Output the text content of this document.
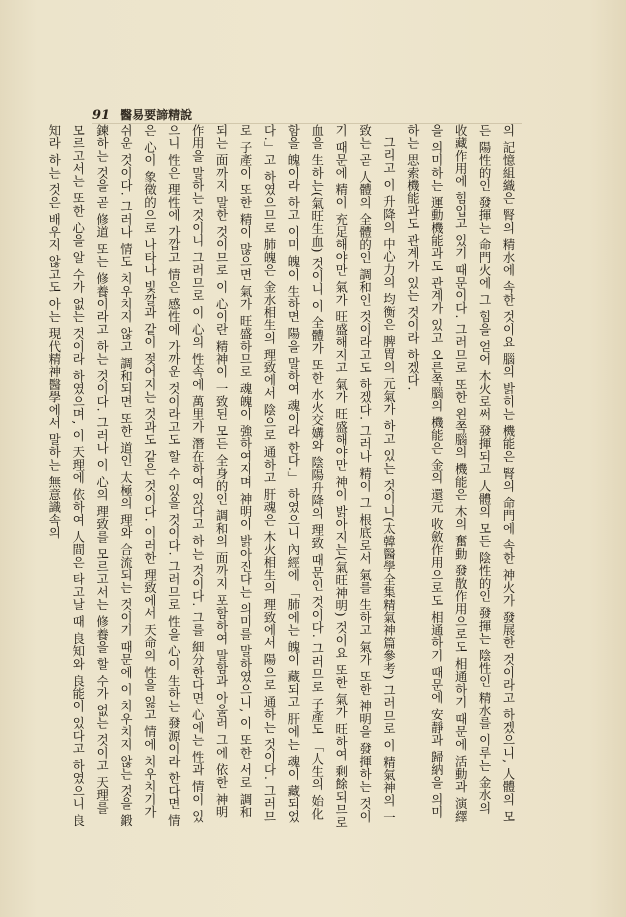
91 醫易要諦精說

의 記憶組織은 腎의 精水에 속한 것이요 腦의 밝히는 機能은 腎의 命門에 속한 神火가 發展한 것이라고 하겠으니, 人體의 모든 陽性的인 發揮는 命門火에 그 힘을 얻어 木火로써 發揮되고 人體의 모든 陰性的인 發揮는 陰性인 精水를 이루는 金水의 收藏作用에 힘입고 있기 때문이다. 그러므로 또한 왼쪽腦의 機能은 木의 奮動 發散作用으로도 相通하기 때문에 活動과 演繹을 의미하는 運動機能과도 관계가 있고 오른쪽腦의 機能은 金의 還元 收斂作用으로도 相通하기 때문에 安靜과 歸納을 의미하는 思索機能과도 관계가 있는 것이라 하겠다.

그리고 이 升降의 中心力의 均衡은 脾胃의 元氣가 하고 있는 것이니(太韓醫學全集精氣神篇參考) 그러므로 이 精氣神의 一致는 곧 人體의 全體的인 調和인 것이라고도 하겠다. 그러나 精이 그 根底로서 氣를 生하고 氣가 또한 神明을 發揮하는 것이기 때문에 精이 充足해야만 氣가 旺盛해지고 氣가 旺盛해야만 神이 밝아지는(氣旺神明) 것이요 또한 氣가 旺하여 剩餘되므로 血을 生하는(氣旺生血) 것이니 이 全體가 또한 水火交媾와 陰陽升降의 理致 때문인 것이다. 그러므로 子產도 「人生의 始化함을 魄이라 하고 이미 魄이 生하면 陽을 말하여 魂이라 한다.」 하였으니 內經에 「肺에는 魄이 藏되고 肝에는 魂이 藏되었다.」고 하였으므로 肺魄은 金水相生의 理致에서 陰으로 通하고 肝魂은 木火相生의 理致에서 陽으로 通하는 것이다. 그러므로 子產이 또한 精이 많으면 氣가 旺盛하므로 魂魄이 強하여지며 神明이 밝아진다는 의미를 말하였으니, 이 또한 서로 調和되는 面까지 말한 것이므로 이 心이란 精神이 一致된 모든 全身的인 調和의 面까지 포함하여 말함과 아울러 그에 依한 神明作用을 말하는 것이니 그러므로 이 心의 性속에 萬里가 潛在하여 있다고 하는 것이다. 그를 細分한다면 心에는 性과 情이 있으니 性은 理性에 가깝고 情은 感性에 가까운 것이라고도 할 수 있을 것이다. 그러므로 性을 心이 生하는 發源이라 한다면 情은 心이 象徵的으로 나타나 빛깔과 같이 젖어지는 것과도 같은 것이다. 이러한 理致에서 天命의 性을 잃고 情에 치우치기가 쉬운 것이다. 그러나 情도 치우치지 않고 調和되면 또한 道인 太極의 理와 合流되는 것이기 때문에 이 치우치지 않는 것을 鍛鍊하는 것을 곧 修道 또는 修養이라고 하는 것이다. 그러나 이 心의 理致를 모르고서는 修養을 할 수가 없는 것이고 天理를 모르고서는 또한 心을 알 수가 없는 것이라 하였으며, 이 天理에 依하여 人間은 타고날 때 良知와 良能이 있다고 하였으니 良知라 하는 것은 배우지 않고도 아는 現代精神醫學에서 말하는 無意識속의
